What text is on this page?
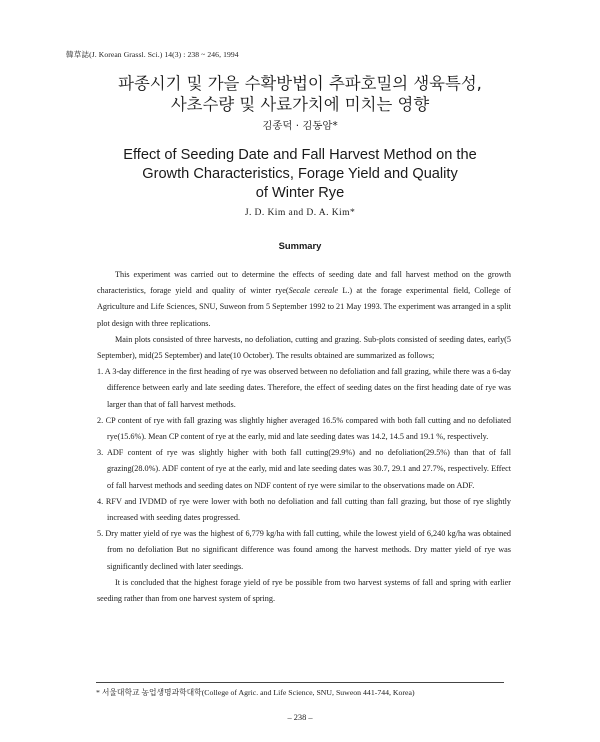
韓草誌(J. Korean Grassl. Sci.) 14(3) : 238 ~ 246, 1994
파종시기 및 가을 수확방법이 추파호밀의 생육특성,
사초수량 및 사료가치에 미치는 영향
김종덕 · 김동암*
Effect of Seeding Date and Fall Harvest Method on the
Growth Characteristics, Forage Yield and Quality
of Winter Rye
J. D. Kim and D. A. Kim*
Summary

This experiment was carried out to determine the effects of seeding date and fall harvest method on the growth characteristics, forage yield and quality of winter rye(Secale cereale L.) at the forage experimental field, College of Agriculture and Life Sciences, SNU, Suweon from 5 September 1992 to 21 May 1993. The experiment was arranged in a split plot design with three replications.

Main plots consisted of three harvests, no defoliation, cutting and grazing. Sub-plots consisted of seeding dates, early(5 September), mid(25 September) and late(10 October). The results obtained are summarized as follows;

1. A 3-day difference in the first heading of rye was observed between no defoliation and fall grazing, while there was a 6-day difference between early and late seeding dates. Therefore, the effect of seeding dates on the first heading date of rye was larger than that of fall harvest methods.

2. CP content of rye with fall grazing was slightly higher averaged 16.5% compared with both fall cutting and no defoliated rye(15.6%). Mean CP content of rye at the early, mid and late seeding dates was 14.2, 14.5 and 19.1 %, respectively.

3. ADF content of rye was slightly higher with both fall cutting(29.9%) and no defoliation(29.5%) than that of fall grazing(28.0%). ADF content of rye at the early, mid and late seeding dates was 30.7, 29.1 and 27.7%, respectively. Effect of fall harvest methods and seeding dates on NDF content of rye were similar to the observations made on ADF.

4. RFV and IVDMD of rye were lower with both no defoliation and fall cutting than fall grazing, but those of rye slightly increased with seeding dates progressed.

5. Dry matter yield of rye was the highest of 6,779 kg/ha with fall cutting, while the lowest yield of 6,240 kg/ha was obtained from no defoliation But no significant difference was found among the harvest methods. Dry matter yield of rye was significantly declined with later seedings.

It is concluded that the highest forage yield of rye be possible from two harvest systems of fall and spring with earlier seeding rather than from one harvest system of spring.

* 서울대학교 농업생명과학대학(College of Agric. and Life Science, SNU, Suweon 441-744, Korea)
– 238 –
